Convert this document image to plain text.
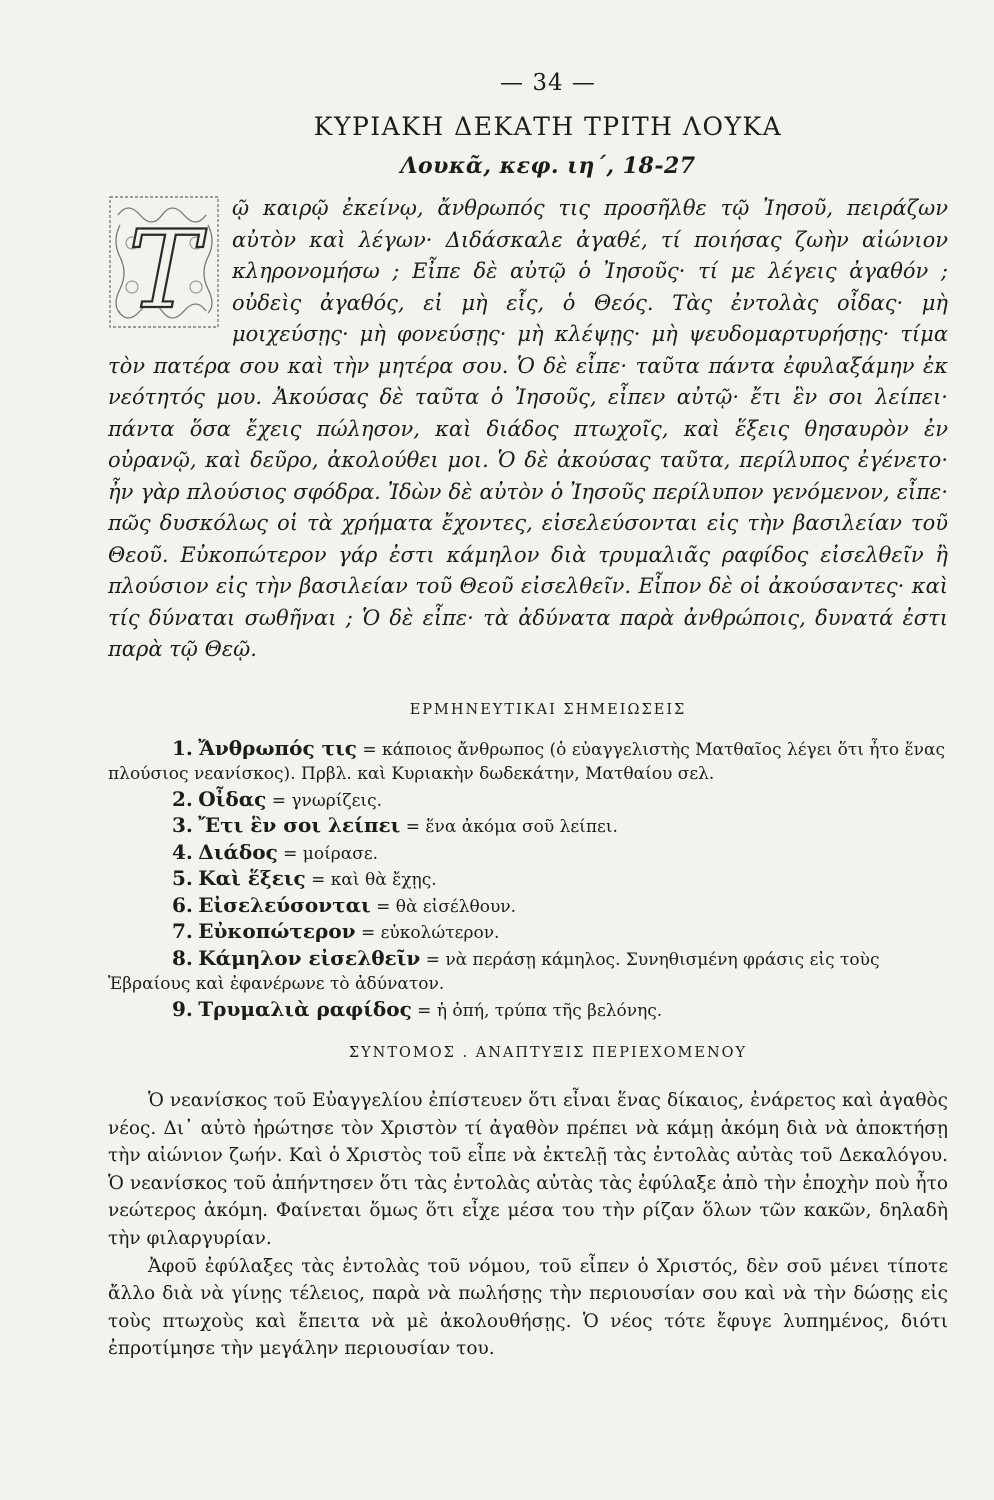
— 34 —
ΚΥΡΙΑΚΗ ΔΕΚΑΤΗ ΤΡΙΤΗ ΛΟΥΚΑ
Λουκᾶ, κεφ. ιη΄, 18-27
Τ	ῷ καιρῷ ἐκείνῳ, ἄνθρωπός τις προσῆλθε τῷ Ἰησοῦ, πειράζων αὐτὸν καὶ λέγων· Διδάσκαλε ἀγαθέ, τί ποιήσας ζωὴν αἰώνιον κληρονομήσω ; Εἶπε δὲ αὐτῷ ὁ Ἰησοῦς· τί με λέγεις ἀγαθόν ; οὐδεὶς ἀγαθός, εἰ μὴ εἷς, ὁ Θεός. Τὰς ἐντολὰς οἶδας· μὴ μοιχεύσῃς· μὴ φονεύσῃς· μὴ κλέψῃς· μὴ ψευδομαρτυρήσῃς· τίμα τὸν πατέρα σου καὶ τὴν μητέρα σου. Ὁ δὲ εἶπε· ταῦτα πάντα ἐφυλαξάμην ἐκ νεότητός μου. Ἀκούσας δὲ ταῦτα ὁ Ἰησοῦς, εἶπεν αὐτῷ· ἔτι ἓν σοι λείπει· πάντα ὅσα ἔχεις πώλησον, καὶ διάδος πτωχοῖς, καὶ ἕξεις θησαυρὸν ἐν οὐρανῷ, καὶ δεῦρο, ἀκολούθει μοι. Ὁ δὲ ἀκούσας ταῦτα, περίλυπος ἐγένετο· ἦν γὰρ πλούσιος σφόδρα. Ἰδὼν δὲ αὐτὸν ὁ Ἰησοῦς περίλυπον γενόμενον, εἶπε· πῶς δυσκόλως οἱ τὰ χρήματα ἔχοντες, εἰσελεύσονται εἰς τὴν βασιλείαν τοῦ Θεοῦ. Εὐκοπώτερον γάρ ἐστι κάμηλον διὰ τρυμαλιᾶς ραφίδος εἰσελθεῖν ἢ πλούσιον εἰς τὴν βασιλείαν τοῦ Θεοῦ εἰσελθεῖν. Εἶπον δὲ οἱ ἀκούσαντες· καὶ τίς δύναται σωθῆναι ; Ὁ δὲ εἶπε· τὰ ἀδύνατα παρὰ ἀνθρώποις, δυνατά ἐστι παρὰ τῷ Θεῷ.
ΕΡΜΗΝΕΥΤΙΚΑΙ ΣΗΜΕΙΩΣΕΙΣ
1. Ἄνθρωπός τις = κάποιος ἄνθρωπος (ὁ εὐαγγελιστὴς Ματθαῖος λέγει ὅτι ἦτο ἕνας πλούσιος νεανίσκος). Πρβλ. καὶ Κυριακὴν δωδεκάτην, Ματθαίου σελ.
2. Οἶδας = γνωρίζεις.
3. Ἔτι ἓν σοι λείπει = ἕνα ἀκόμα σοῦ λείπει.
4. Διάδος = μοίρασε.
5. Καὶ ἕξεις = καὶ θὰ ἔχῃς.
6. Εἰσελεύσονται = θὰ εἰσέλθουν.
7. Εὐκοπώτερον = εὐκολώτερον.
8. Κάμηλον εἰσελθεῖν = νὰ περάσῃ κάμηλος. Συνηθισμένη φράσις εἰς τοὺς Ἑβραίους καὶ ἐφανέρωνε τὸ ἀδύνατον.
9. Τρυμαλιὰ ραφίδος = ἡ ὀπή, τρύπα τῆς βελόνης.
ΣΥΝΤΟΜΟΣ . ΑΝΑΠΤΥΞΙΣ ΠΕΡΙΕΧΟΜΕΝΟΥ

Ὁ νεανίσκος τοῦ Εὐαγγελίου ἐπίστευεν ὅτι εἶναι ἕνας δίκαιος, ἐνάρετος καὶ ἀγαθὸς νέος. Δι᾽ αὐτὸ ἠρώτησε τὸν Χριστὸν τί ἀγαθὸν πρέπει νὰ κάμῃ ἀκόμη διὰ νὰ ἀποκτήσῃ τὴν αἰώνιον ζωήν. Καὶ ὁ Χριστὸς τοῦ εἶπε νὰ ἐκτελῇ τὰς ἐντολὰς αὐτὰς τοῦ Δεκαλόγου. Ὁ νεανίσκος τοῦ ἀπήντησεν ὅτι τὰς ἐντολὰς αὐτὰς τὰς ἐφύλαξε ἀπὸ τὴν ἐποχὴν ποὺ ἦτο νεώτερος ἀκόμη. Φαίνεται ὅμως ὅτι εἶχε μέσα του τὴν ρίζαν ὅλων τῶν κακῶν, δηλαδὴ τὴν φιλαργυρίαν.

Ἀφοῦ ἐφύλαξες τὰς ἐντολὰς τοῦ νόμου, τοῦ εἶπεν ὁ Χριστός, δὲν σοῦ μένει τίποτε ἄλλο διὰ νὰ γίνῃς τέλειος, παρὰ νὰ πωλήσῃς τὴν περιουσίαν σου καὶ νὰ τὴν δώσῃς εἰς τοὺς πτωχοὺς καὶ ἔπειτα νὰ μὲ ἀκολουθήσῃς. Ὁ νέος τότε ἔφυγε λυπημένος, διότι ἐπροτίμησε τὴν μεγάλην περιουσίαν του.
